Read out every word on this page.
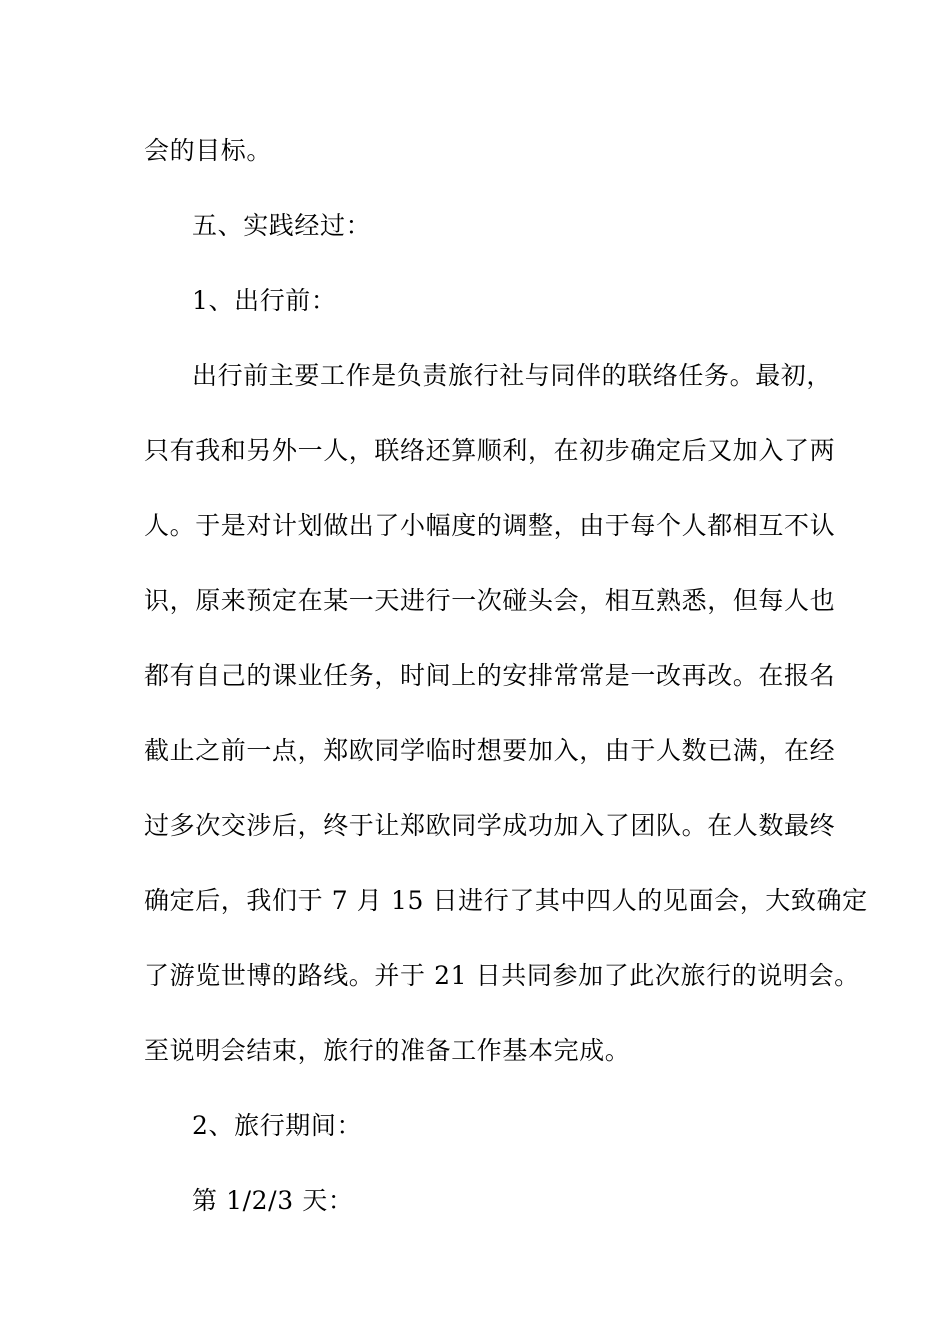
会的目标。
五、实践经过：
1、出行前：
出行前主要工作是负责旅行社与同伴的联络任务。最初，
只有我和另外一人，联络还算顺利，在初步确定后又加入了两
人。于是对计划做出了小幅度的调整，由于每个人都相互不认
识，原来预定在某一天进行一次碰头会，相互熟悉，但每人也
都有自己的课业任务，时间上的安排常常是一改再改。在报名
截止之前一点，郑欧同学临时想要加入，由于人数已满，在经
过多次交涉后，终于让郑欧同学成功加入了团队。在人数最终
确定后，我们于 7 月 15 日进行了其中四人的见面会，大致确定
了游览世博的路线。并于 21 日共同参加了此次旅行的说明会。
至说明会结束，旅行的准备工作基本完成。
2、旅行期间：
第 1/2/3 天：
